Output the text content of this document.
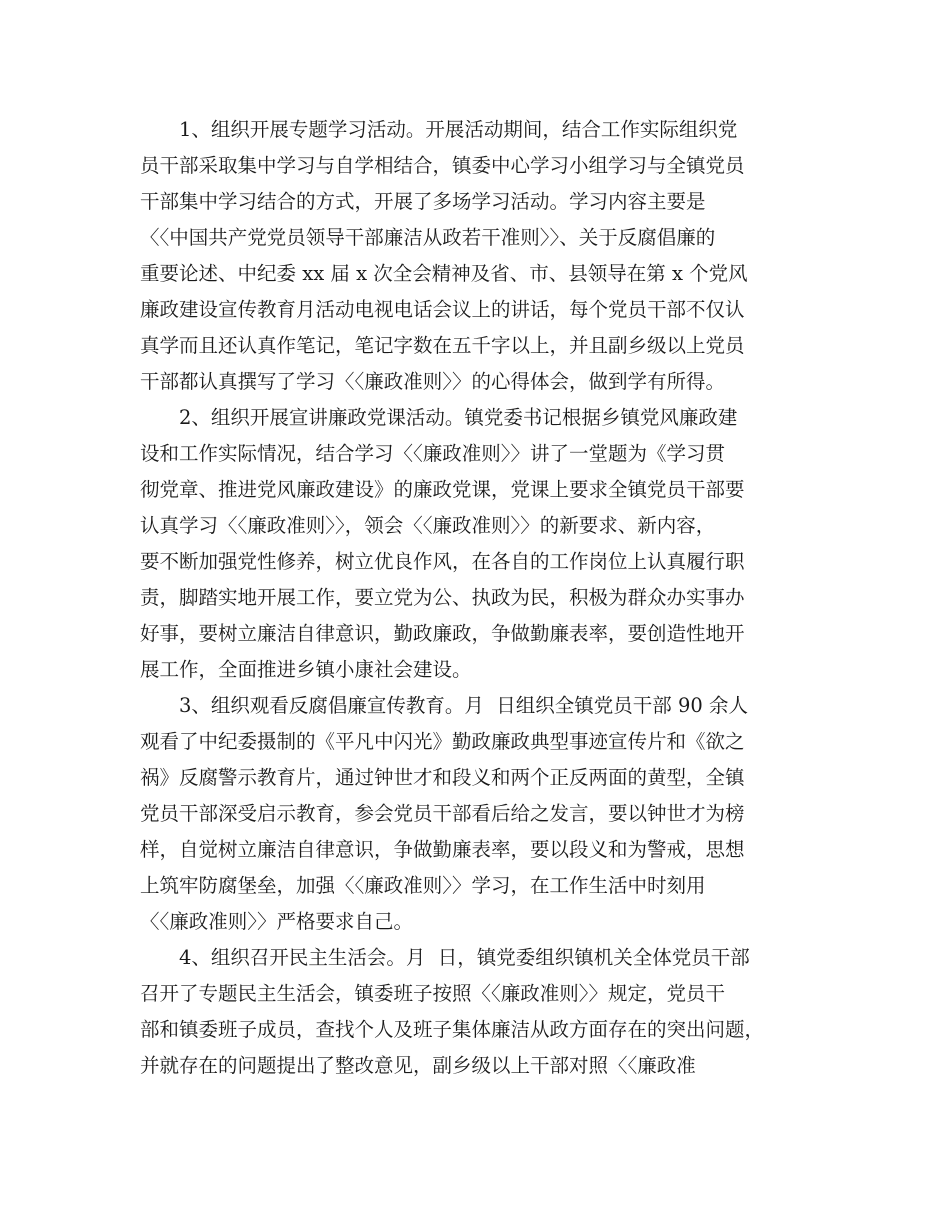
　　1、组织开展专题学习活动。开展活动期间，结合工作实际组织党
员干部采取集中学习与自学相结合，镇委中心学习小组学习与全镇党员
干部集中学习结合的方式，开展了多场学习活动。学习内容主要是
〈〈中国共产党党员领导干部廉洁从政若干准则〉〉、关于反腐倡廉的
重要论述、中纪委 xx 届 x 次全会精神及省、市、县领导在第 x 个党风
廉政建设宣传教育月活动电视电话会议上的讲话，每个党员干部不仅认
真学而且还认真作笔记，笔记字数在五千字以上，并且副乡级以上党员
干部都认真撰写了学习〈〈廉政准则〉〉的心得体会，做到学有所得。
　　2、组织开展宣讲廉政党课活动。镇党委书记根据乡镇党风廉政建
设和工作实际情况，结合学习〈〈廉政准则〉〉讲了一堂题为《学习贯
彻党章、推进党风廉政建设》的廉政党课，党课上要求全镇党员干部要
认真学习〈〈廉政准则〉〉，领会〈〈廉政准则〉〉的新要求、新内容，
要不断加强党性修养，树立优良作风，在各自的工作岗位上认真履行职
责，脚踏实地开展工作，要立党为公、执政为民，积极为群众办实事办
好事，要树立廉洁自律意识，勤政廉政，争做勤廉表率，要创造性地开
展工作，全面推进乡镇小康社会建设。
　　3、组织观看反腐倡廉宣传教育。月  日组织全镇党员干部 90 余人
观看了中纪委摄制的《平凡中闪光》勤政廉政典型事迹宣传片和《欲之
祸》反腐警示教育片，通过钟世才和段义和两个正反两面的黄型，全镇
党员干部深受启示教育，参会党员干部看后给之发言，要以钟世才为榜
样，自觉树立廉洁自律意识，争做勤廉表率，要以段义和为警戒，思想
上筑牢防腐堡垒，加强〈〈廉政准则〉〉学习，在工作生活中时刻用
〈〈廉政准则〉〉严格要求自己。
　　4、组织召开民主生活会。月  日，镇党委组织镇机关全体党员干部
召开了专题民主生活会，镇委班子按照〈〈廉政准则〉〉规定，党员干
部和镇委班子成员，查找个人及班子集体廉洁从政方面存在的突出问题，
并就存在的问题提出了整改意见，副乡级以上干部对照〈〈廉政准
